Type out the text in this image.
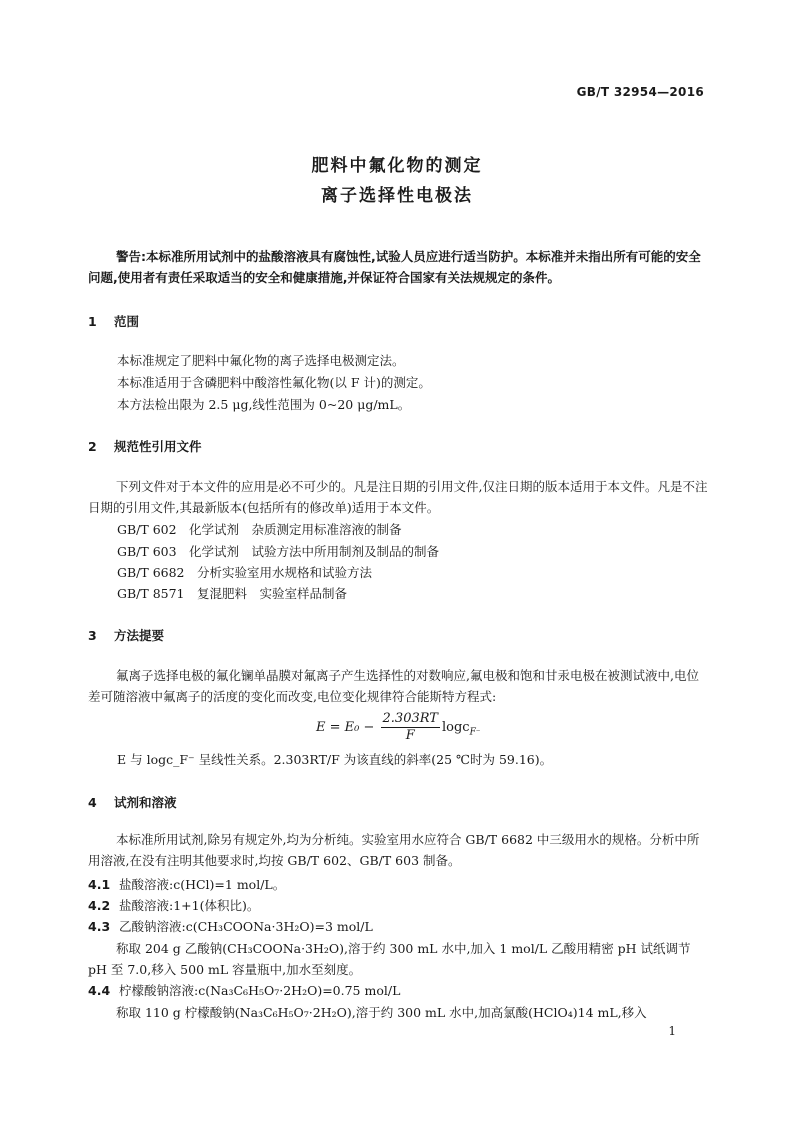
GB/T 32954—2016
肥料中氟化物的测定
离子选择性电极法

警告:本标准所用试剂中的盐酸溶液具有腐蚀性,试验人员应进行适当防护。本标准并未指出所有可能的安全问题,使用者有责任采取适当的安全和健康措施,并保证符合国家有关法规规定的条件。

1 范围
本标准规定了肥料中氟化物的离子选择电极测定法。
本标准适用于含磷肥料中酸溶性氟化物(以 F 计)的测定。
本方法检出限为 2.5 μg,线性范围为 0~20 μg/mL。
2 规范性引用文件

下列文件对于本文件的应用是必不可少的。凡是注日期的引用文件,仅注日期的版本适用于本文件。凡是不注日期的引用文件,其最新版本(包括所有的修改单)适用于本文件。

GB/T 602　化学试剂　杂质测定用标准溶液的制备
GB/T 603　化学试剂　试验方法中所用制剂及制品的制备
GB/T 6682　分析实验室用水规格和试验方法
GB/T 8571　复混肥料　实验室样品制备
3 方法提要

氟离子选择电极的氟化镧单晶膜对氟离子产生选择性的对数响应,氟电极和饱和甘汞电极在被测试液中,电位差可随溶液中氟离子的活度的变化而改变,电位变化规律符合能斯特方程式:

$E = E_0 - \frac{2.303RT}{F} \log c_{F^-}$
E 与 logc_F⁻ 呈线性关系。2.303RT/F 为该直线的斜率(25 ℃时为 59.16)。
4 试剂和溶液

本标准所用试剂,除另有规定外,均为分析纯。实验室用水应符合 GB/T 6682 中三级用水的规格。分析中所用溶液,在没有注明其他要求时,均按 GB/T 602、GB/T 603 制备。

4.1 盐酸溶液:c(HCl)=1 mol/L。
4.2 盐酸溶液:1+1(体积比)。
4.3 乙酸钠溶液:c(CH₃COONa·3H₂O)=3 mol/L

称取 204 g 乙酸钠(CH₃COONa·3H₂O),溶于约 300 mL 水中,加入 1 mol/L 乙酸用精密 pH 试纸调节 pH 至 7.0,移入 500 mL 容量瓶中,加水至刻度。

4.4 柠檬酸钠溶液:c(Na₃C₆H₅O₇·2H₂O)=0.75 mol/L

称取 110 g 柠檬酸钠(Na₃C₆H₅O₇·2H₂O),溶于约 300 mL 水中,加高氯酸(HClO₄)14 mL,移入

1
